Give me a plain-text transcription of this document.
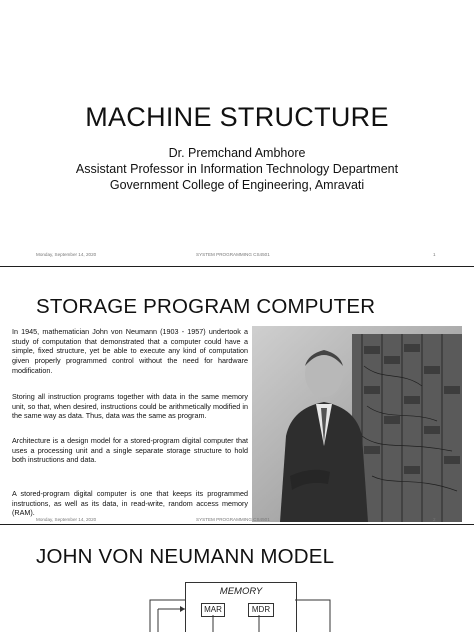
MACHINE STRUCTURE
Dr. Premchand Ambhore
Assistant Professor in Information Technology Department
Government College of Engineering, Amravati
Monday, September 14, 2020	SYSTEM PROGRAMMING CS4501	1
STORAGE PROGRAM COMPUTER

In 1945, mathematician John von Neumann (1903 - 1957) undertook a study of computation that demonstrated that a computer could have a simple, fixed structure, yet be able to execute any kind of computation given properly programmed control without the need for hardware modification.

Storing all instruction programs together with data in the same memory unit, so that, when desired, instructions could be arithmetically modified in the same way as data. Thus, data was the same as program.

Architecture is a design model for a stored-program digital computer that uses a processing unit and a single separate storage structure to hold both instructions and data.

A stored-program digital computer is one that keeps its programmed instructions, as well as its data, in read-write, random access memory (RAM).

Monday, September 14, 2020	SYSTEM PROGRAMMING CS4501	2
JOHN VON NEUMANN MODEL
MEMORY
MAR	MDR
